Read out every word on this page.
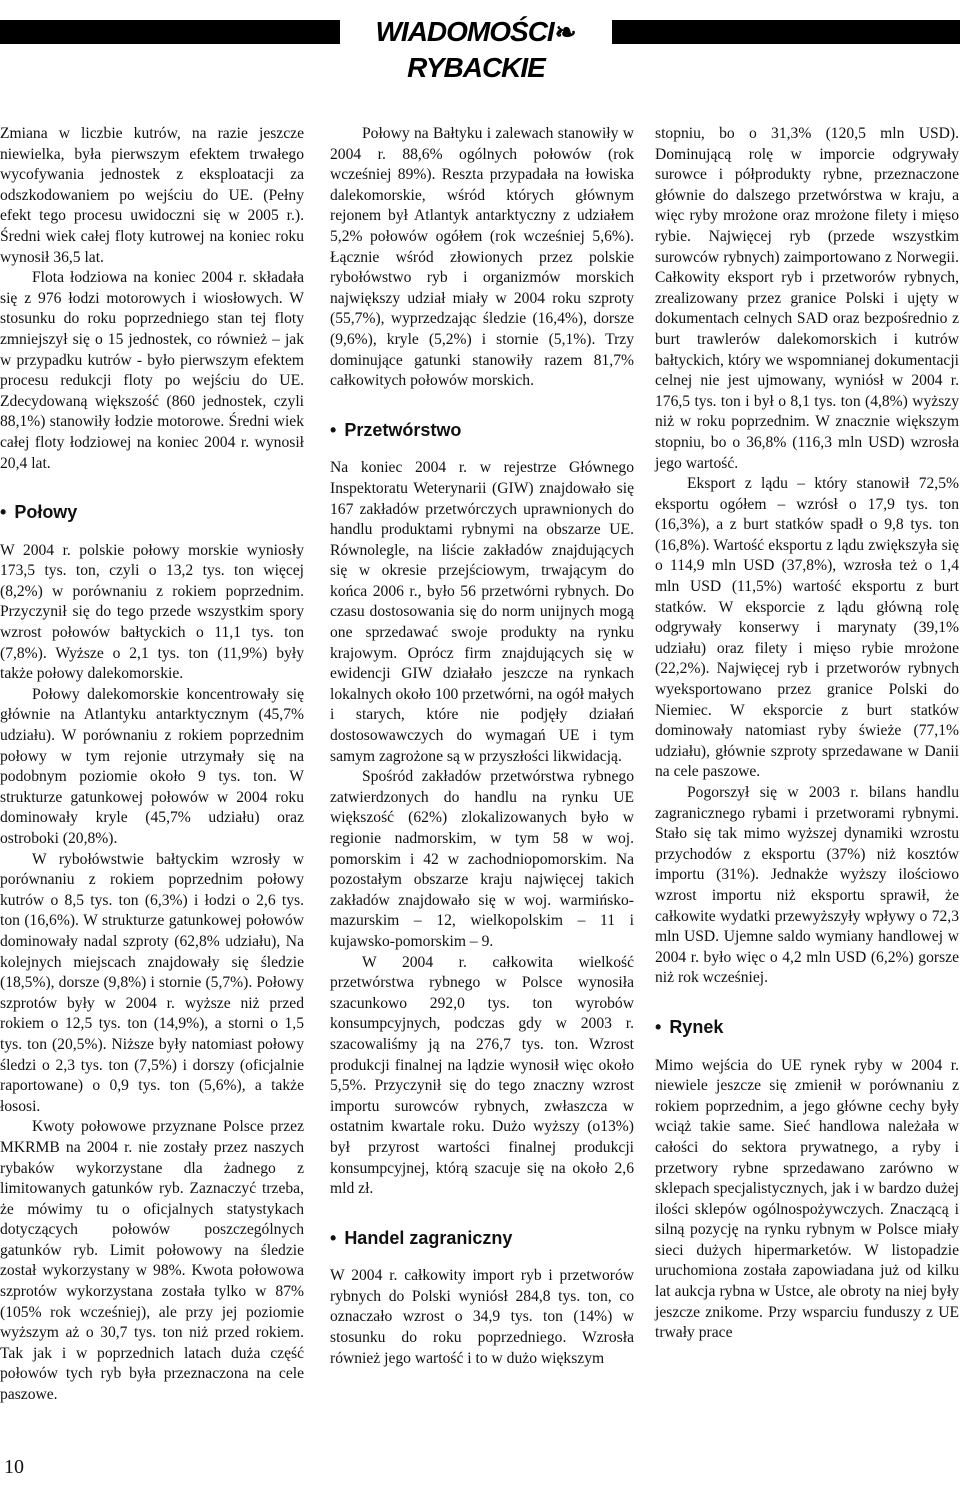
WIADOMOŚCI❧RYBACKIE

Zmiana w liczbie kutrów, na razie jeszcze niewielka, była pierwszym efektem trwałego wycofywania jednostek z eksploatacji za odszkodowaniem po wejściu do UE. (Pełny efekt tego procesu uwidoczni się w 2005 r.). Średni wiek całej floty kutrowej na koniec roku wynosił 36,5 lat.

Flota łodziowa na koniec 2004 r. składała się z 976 łodzi motorowych i wiosłowych. W stosunku do roku poprzedniego stan tej floty zmniejszył się o 15 jednostek, co również – jak w przypadku kutrów - było pierwszym efektem procesu redukcji floty po wejściu do UE. Zdecydowaną większość (860 jednostek, czyli 88,1%) stanowiły łodzie motorowe. Średni wiek całej floty łodziowej na koniec 2004 r. wynosił 20,4 lat.

• Połowy

W 2004 r. polskie połowy morskie wyniosły 173,5 tys. ton, czyli o 13,2 tys. ton więcej (8,2%) w porównaniu z rokiem poprzednim. Przyczynił się do tego przede wszystkim spory wzrost połowów bałtyckich o 11,1 tys. ton (7,8%). Wyższe o 2,1 tys. ton (11,9%) były także połowy dalekomorskie.

Połowy dalekomorskie koncentrowały się głównie na Atlantyku antarktycznym (45,7% udziału). W porównaniu z rokiem poprzednim połowy w tym rejonie utrzymały się na podobnym poziomie około 9 tys. ton. W strukturze gatunkowej połowów w 2004 roku dominowały kryle (45,7% udziału) oraz ostroboki (20,8%).

W rybołówstwie bałtyckim wzrosły w porównaniu z rokiem poprzednim połowy kutrów o 8,5 tys. ton (6,3%) i łodzi o 2,6 tys. ton (16,6%). W strukturze gatunkowej połowów dominowały nadal szproty (62,8% udziału), Na kolejnych miejscach znajdowały się śledzie (18,5%), dorsze (9,8%) i stornie (5,7%). Połowy szprotów były w 2004 r. wyższe niż przed rokiem o 12,5 tys. ton (14,9%), a storni o 1,5 tys. ton (20,5%). Niższe były natomiast połowy śledzi o 2,3 tys. ton (7,5%) i dorszy (oficjalnie raportowane) o 0,9 tys. ton (5,6%), a także łososi.

Kwoty połowowe przyznane Polsce przez MKRMB na 2004 r. nie zostały przez naszych rybaków wykorzystane dla żadnego z limitowanych gatunków ryb. Zaznaczyć trzeba, że mówimy tu o oficjalnych statystykach dotyczących połowów poszczególnych gatunków ryb. Limit połowowy na śledzie został wykorzystany w 98%. Kwota połowowa szprotów wykorzystana została tylko w 87% (105% rok wcześniej), ale przy jej poziomie wyższym aż o 30,7 tys. ton niż przed rokiem. Tak jak i w poprzednich latach duża część połowów tych ryb była przeznaczona na cele paszowe.

Połowy na Bałtyku i zalewach stanowiły w 2004 r. 88,6% ogólnych połowów (rok wcześniej 89%). Reszta przypadała na łowiska dalekomorskie, wśród których głównym rejonem był Atlantyk antarktyczny z udziałem 5,2% połowów ogółem (rok wcześniej 5,6%). Łącznie wśród złowionych przez polskie rybołówstwo ryb i organizmów morskich największy udział miały w 2004 roku szproty (55,7%), wyprzedzając śledzie (16,4%), dorsze (9,6%), kryle (5,2%) i stornie (5,1%). Trzy dominujące gatunki stanowiły razem 81,7% całkowitych połowów morskich.

• Przetwórstwo

Na koniec 2004 r. w rejestrze Głównego Inspektoratu Weterynarii (GIW) znajdowało się 167 zakładów przetwórczych uprawnionych do handlu produktami rybnymi na obszarze UE. Równolegle, na liście zakładów znajdujących się w okresie przejściowym, trwającym do końca 2006 r., było 56 przetwórni rybnych. Do czasu dostosowania się do norm unijnych mogą one sprzedawać swoje produkty na rynku krajowym. Oprócz firm znajdujących się w ewidencji GIW działało jeszcze na rynkach lokalnych około 100 przetwórni, na ogół małych i starych, które nie podjęły działań dostosowawczych do wymagań UE i tym samym zagrożone są w przyszłości likwidacją.

Spośród zakładów przetwórstwa rybnego zatwierdzonych do handlu na rynku UE większość (62%) zlokalizowanych było w regionie nadmorskim, w tym 58 w woj. pomorskim i 42 w zachodniopomorskim. Na pozostałym obszarze kraju najwięcej takich zakładów znajdowało się w woj. warmińsko-mazurskim – 12, wielkopolskim – 11 i kujawsko-pomorskim – 9.

W 2004 r. całkowita wielkość przetwórstwa rybnego w Polsce wynosiła szacunkowo 292,0 tys. ton wyrobów konsumpcyjnych, podczas gdy w 2003 r. szacowaliśmy ją na 276,7 tys. ton. Wzrost produkcji finalnej na lądzie wynosił więc około 5,5%. Przyczynił się do tego znaczny wzrost importu surowców rybnych, zwłaszcza w ostatnim kwartale roku. Dużo wyższy (o13%) był przyrost wartości finalnej produkcji konsumpcyjnej, którą szacuje się na około 2,6 mld zł.

• Handel zagraniczny

W 2004 r. całkowity import ryb i przetworów rybnych do Polski wyniósł 284,8 tys. ton, co oznaczało wzrost o 34,9 tys. ton (14%) w stosunku do roku poprzedniego. Wzrosła również jego wartość i to w dużo większym

stopniu, bo o 31,3% (120,5 mln USD). Dominującą rolę w imporcie odgrywały surowce i półprodukty rybne, przeznaczone głównie do dalszego przetwórstwa w kraju, a więc ryby mrożone oraz mrożone filety i mięso rybie. Najwięcej ryb (przede wszystkim surowców rybnych) zaimportowano z Norwegii. Całkowity eksport ryb i przetworów rybnych, zrealizowany przez granice Polski i ujęty w dokumentach celnych SAD oraz bezpośrednio z burt trawlerów dalekomorskich i kutrów bałtyckich, który we wspomnianej dokumentacji celnej nie jest ujmowany, wyniósł w 2004 r. 176,5 tys. ton i był o 8,1 tys. ton (4,8%) wyższy niż w roku poprzednim. W znacznie większym stopniu, bo o 36,8% (116,3 mln USD) wzrosła jego wartość.

Eksport z lądu – który stanowił 72,5% eksportu ogółem – wzrósł o 17,9 tys. ton (16,3%), a z burt statków spadł o 9,8 tys. ton (16,8%). Wartość eksportu z lądu zwiększyła się o 114,9 mln USD (37,8%), wzrosła też o 1,4 mln USD (11,5%) wartość eksportu z burt statków. W eksporcie z lądu główną rolę odgrywały konserwy i marynaty (39,1% udziału) oraz filety i mięso rybie mrożone (22,2%). Najwięcej ryb i przetworów rybnych wyeksportowano przez granice Polski do Niemiec. W eksporcie z burt statków dominowały natomiast ryby świeże (77,1% udziału), głównie szproty sprzedawane w Danii na cele paszowe.

Pogorszył się w 2003 r. bilans handlu zagranicznego rybami i przetworami rybnymi. Stało się tak mimo wyższej dynamiki wzrostu przychodów z eksportu (37%) niż kosztów importu (31%). Jednakże wyższy ilościowo wzrost importu niż eksportu sprawił, że całkowite wydatki przewyższyły wpływy o 72,3 mln USD. Ujemne saldo wymiany handlowej w 2004 r. było więc o 4,2 mln USD (6,2%) gorsze niż rok wcześniej.

• Rynek

Mimo wejścia do UE rynek ryby w 2004 r. niewiele jeszcze się zmienił w porównaniu z rokiem poprzednim, a jego główne cechy były wciąż takie same. Sieć handlowa należała w całości do sektora prywatnego, a ryby i przetwory rybne sprzedawano zarówno w sklepach specjalistycznych, jak i w bardzo dużej ilości sklepów ogólnospożywczych. Znaczącą i silną pozycję na rynku rybnym w Polsce miały sieci dużych hipermarketów. W listopadzie uruchomiona została zapowiadana już od kilku lat aukcja rybna w Ustce, ale obroty na niej były jeszcze znikome. Przy wsparciu funduszy z UE trwały prace

10
